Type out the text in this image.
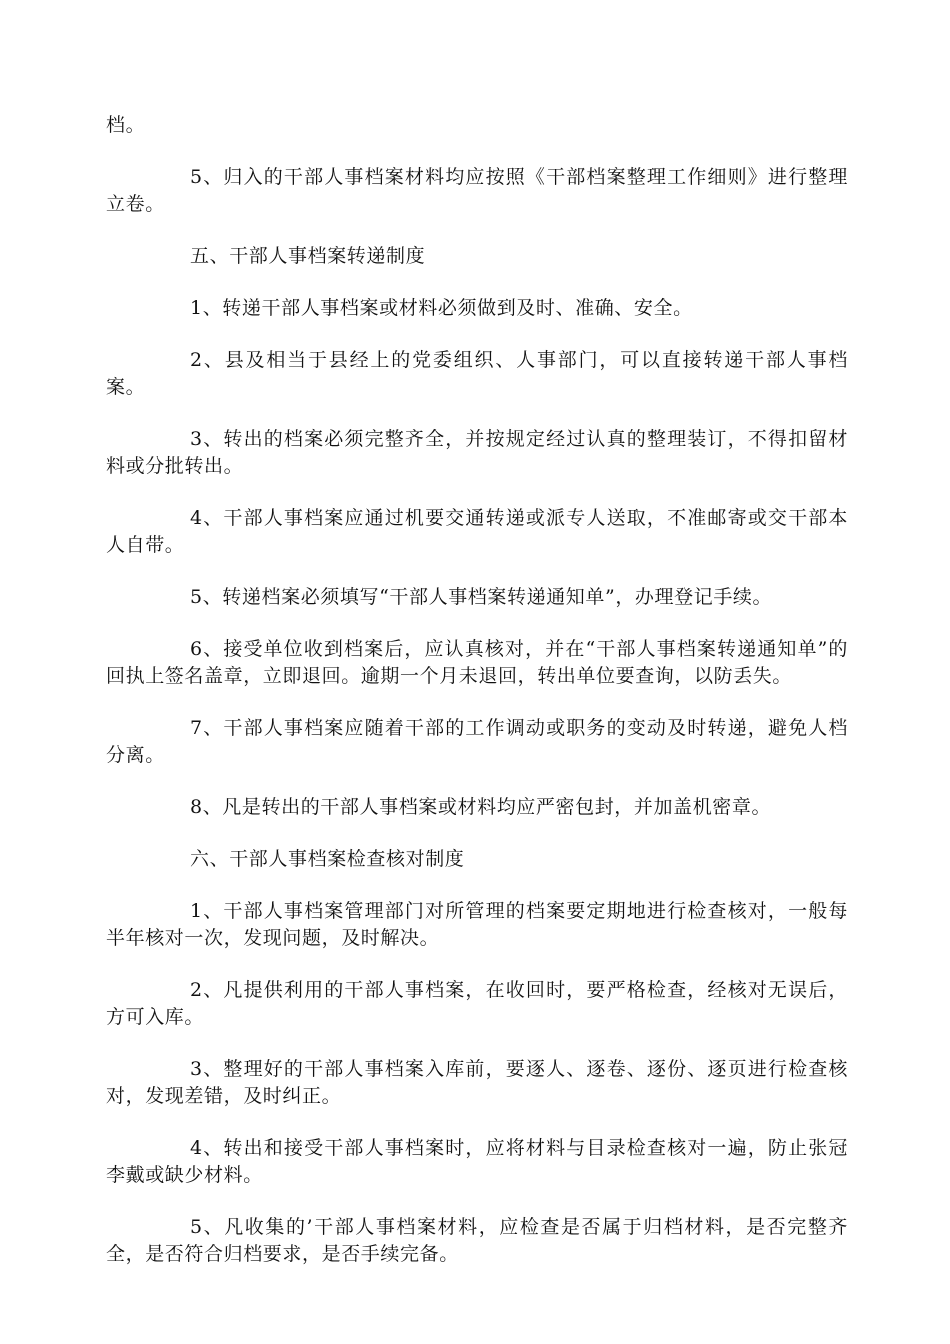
档。

5、归入的干部人事档案材料均应按照《干部档案整理工作细则》进行整理立卷。

五、干部人事档案转递制度

1、转递干部人事档案或材料必须做到及时、准确、安全。

2、县及相当于县经上的党委组织、人事部门，可以直接转递干部人事档案。

3、转出的档案必须完整齐全，并按规定经过认真的整理装订，不得扣留材料或分批转出。

4、干部人事档案应通过机要交通转递或派专人送取，不准邮寄或交干部本人自带。

5、转递档案必须填写“干部人事档案转递通知单”，办理登记手续。

6、接受单位收到档案后，应认真核对，并在“干部人事档案转递通知单”的回执上签名盖章，立即退回。逾期一个月未退回，转出单位要查询，以防丢失。

7、干部人事档案应随着干部的工作调动或职务的变动及时转递，避免人档分离。

8、凡是转出的干部人事档案或材料均应严密包封，并加盖机密章。

六、干部人事档案检查核对制度

1、干部人事档案管理部门对所管理的档案要定期地进行检查核对，一般每半年核对一次，发现问题，及时解决。

2、凡提供利用的干部人事档案，在收回时，要严格检查，经核对无误后，方可入库。

3、整理好的干部人事档案入库前，要逐人、逐卷、逐份、逐页进行检查核对，发现差错，及时纠正。

4、转出和接受干部人事档案时，应将材料与目录检查核对一遍，防止张冠李戴或缺少材料。

5、凡收集的’干部人事档案材料，应检查是否属于归档材料，是否完整齐全，是否符合归档要求，是否手续完备。
